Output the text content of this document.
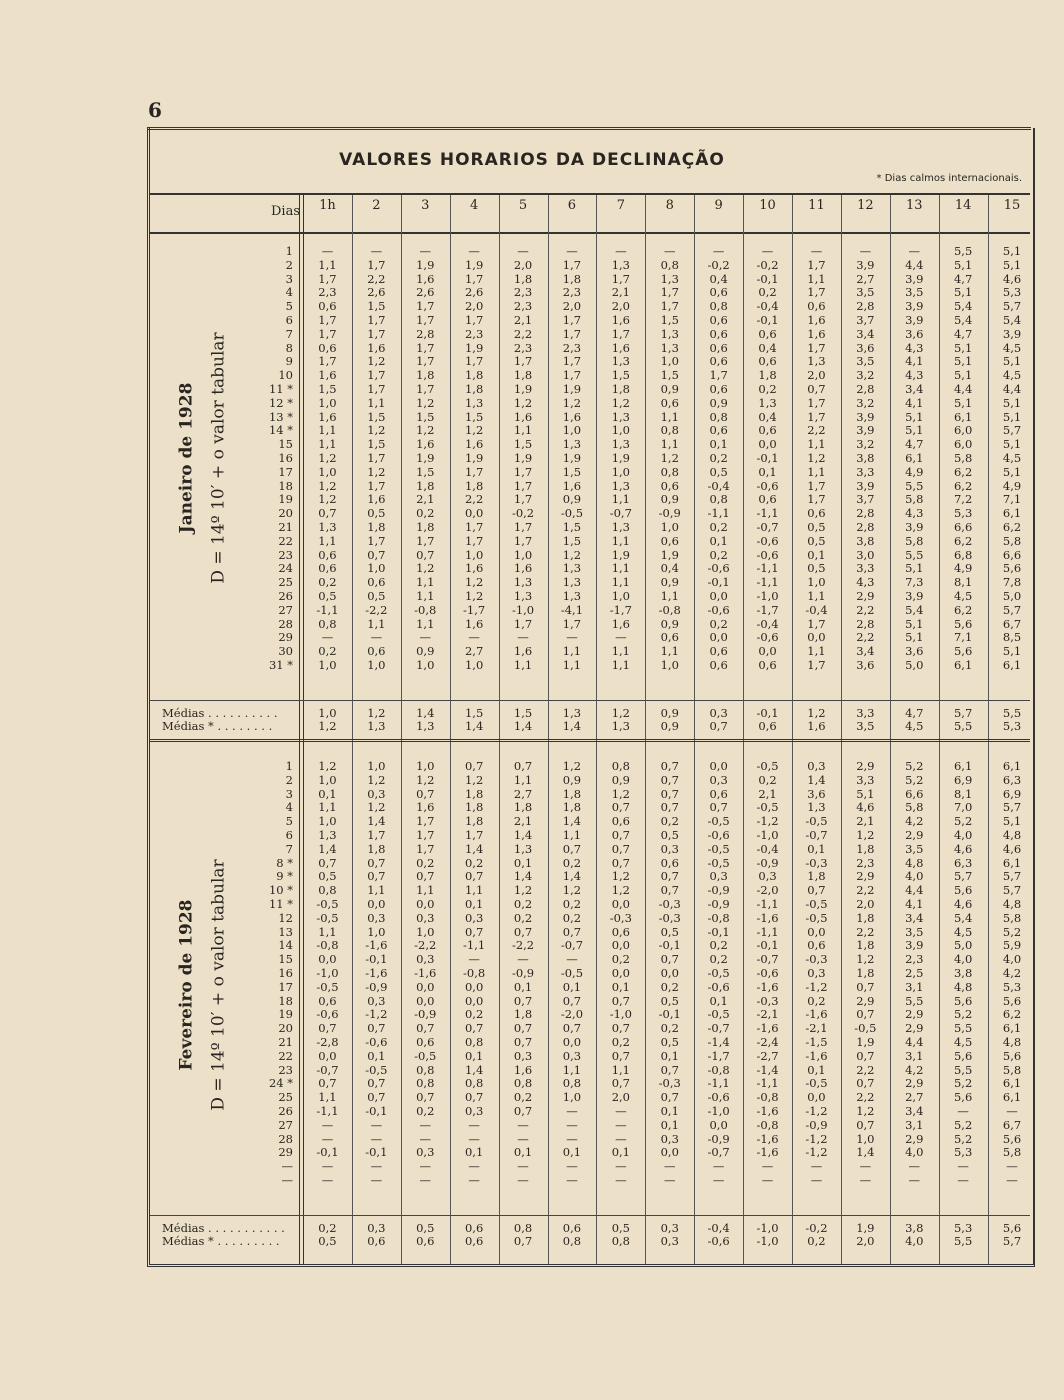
6
VALORES HORARIOS DA DECLINAÇÃO
* Dias calmos internacionais.
Dias	1h	2	3	4	5	6	7	8	9	10	11	12	13	14	15
1	—	—	—	—	—	—	—	—	—	—	—	—	—	5,5	5,1
2	1,1	1,7	1,9	1,9	2,0	1,7	1,3	0,8	-0,2	-0,2	1,7	3,9	4,4	5,1	5,1
3	1,7	2,2	1,6	1,7	1,8	1,8	1,7	1,3	0,4	-0,1	1,1	2,7	3,9	4,7	4,6
4	2,3	2,6	2,6	2,6	2,3	2,3	2,1	1,7	0,6	0,2	1,7	3,5	3,5	5,1	5,3
5	0,6	1,5	1,7	2,0	2,3	2,0	2,0	1,7	0,8	-0,4	0,6	2,8	3,9	5,4	5,7
6	1,7	1,7	1,7	1,7	2,1	1,7	1,6	1,5	0,6	-0,1	1,6	3,7	3,9	5,4	5,4
7	1,7	1,7	2,8	2,3	2,2	1,7	1,7	1,3	0,6	0,6	1,6	3,4	3,6	4,7	3,9
8	0,6	1,6	1,7	1,9	2,3	2,3	1,6	1,3	0,6	0,4	1,7	3,6	4,3	5,1	4,5
9	1,7	1,2	1,7	1,7	1,7	1,7	1,3	1,0	0,6	0,6	1,3	3,5	4,1	5,1	5,1
10	1,6	1,7	1,8	1,8	1,8	1,7	1,5	1,5	1,7	1,8	2,0	3,2	4,3	5,1	4,5
11 *	1,5	1,7	1,7	1,8	1,9	1,9	1,8	0,9	0,6	0,2	0,7	2,8	3,4	4,4	4,4
12 *	1,0	1,1	1,2	1,3	1,2	1,2	1,2	0,6	0,9	1,3	1,7	3,2	4,1	5,1	5,1
13 *	1,6	1,5	1,5	1,5	1,6	1,6	1,3	1,1	0,8	0,4	1,7	3,9	5,1	6,1	5,1
14 *	1,1	1,2	1,2	1,2	1,1	1,0	1,0	0,8	0,6	0,6	2,2	3,9	5,1	6,0	5,7
15	1,1	1,5	1,6	1,6	1,5	1,3	1,3	1,1	0,1	0,0	1,1	3,2	4,7	6,0	5,1
16	1,2	1,7	1,9	1,9	1,9	1,9	1,9	1,2	0,2	-0,1	1,2	3,8	6,1	5,8	4,5
17	1,0	1,2	1,5	1,7	1,7	1,5	1,0	0,8	0,5	0,1	1,1	3,3	4,9	6,2	5,1
18	1,2	1,7	1,8	1,8	1,7	1,6	1,3	0,6	-0,4	-0,6	1,7	3,9	5,5	6,2	4,9
19	1,2	1,6	2,1	2,2	1,7	0,9	1,1	0,9	0,8	0,6	1,7	3,7	5,8	7,2	7,1
20	0,7	0,5	0,2	0,0	-0,2	-0,5	-0,7	-0,9	-1,1	-1,1	0,6	2,8	4,3	5,3	6,1
21	1,3	1,8	1,8	1,7	1,7	1,5	1,3	1,0	0,2	-0,7	0,5	2,8	3,9	6,6	6,2
22	1,1	1,7	1,7	1,7	1,7	1,5	1,1	0,6	0,1	-0,6	0,5	3,8	5,8	6,2	5,8
23	0,6	0,7	0,7	1,0	1,0	1,2	1,9	1,9	0,2	-0,6	0,1	3,0	5,5	6,8	6,6
24	0,6	1,0	1,2	1,6	1,6	1,3	1,1	0,4	-0,6	-1,1	0,5	3,3	5,1	4,9	5,6
25	0,2	0,6	1,1	1,2	1,3	1,3	1,1	0,9	-0,1	-1,1	1,0	4,3	7,3	8,1	7,8
26	0,5	0,5	1,1	1,2	1,3	1,3	1,0	1,1	0,0	-1,0	1,1	2,9	3,9	4,5	5,0
27	-1,1	-2,2	-0,8	-1,7	-1,0	-4,1	-1,7	-0,8	-0,6	-1,7	-0,4	2,2	5,4	6,2	5,7
28	0,8	1,1	1,1	1,6	1,7	1,7	1,6	0,9	0,2	-0,4	1,7	2,8	5,1	5,6	6,7
29	—	—	—	—	—	—	—	0,6	0,0	-0,6	0,0	2,2	5,1	7,1	8,5
30	0,2	0,6	0,9	2,7	1,6	1,1	1,1	1,1	0,6	0,0	1,1	3,4	3,6	5,6	5,1
31 *	1,0	1,0	1,0	1,0	1,1	1,1	1,1	1,0	0,6	0,6	1,7	3,6	5,0	6,1	6,1
Médias . . . . . . . . . .	1,0	1,2	1,4	1,5	1,5	1,3	1,2	0,9	0,3	-0,1	1,2	3,3	4,7	5,7	5,5
Médias * . . . . . . . .	1,2	1,3	1,3	1,4	1,4	1,4	1,3	0,9	0,7	0,6	1,6	3,5	4,5	5,5	5,3
Janeiro de 1928 D = 14º 10′ + o valor tabular
1	1,2	1,0	1,0	0,7	0,7	1,2	0,8	0,7	0,0	-0,5	0,3	2,9	5,2	6,1	6,1
2	1,0	1,2	1,2	1,2	1,1	0,9	0,9	0,7	0,3	0,2	1,4	3,3	5,2	6,9	6,3
3	0,1	0,3	0,7	1,8	2,7	1,8	1,2	0,7	0,6	2,1	3,6	5,1	6,6	8,1	6,9
4	1,1	1,2	1,6	1,8	1,8	1,8	0,7	0,7	0,7	-0,5	1,3	4,6	5,8	7,0	5,7
5	1,0	1,4	1,7	1,8	2,1	1,4	0,6	0,2	-0,5	-1,2	-0,5	2,1	4,2	5,2	5,1
6	1,3	1,7	1,7	1,7	1,4	1,1	0,7	0,5	-0,6	-1,0	-0,7	1,2	2,9	4,0	4,8
7	1,4	1,8	1,7	1,4	1,3	0,7	0,7	0,3	-0,5	-0,4	0,1	1,8	3,5	4,6	4,6
8 *	0,7	0,7	0,2	0,2	0,1	0,2	0,7	0,6	-0,5	-0,9	-0,3	2,3	4,8	6,3	6,1
9 *	0,5	0,7	0,7	0,7	1,4	1,4	1,2	0,7	0,3	0,3	1,8	2,9	4,0	5,7	5,7
10 *	0,8	1,1	1,1	1,1	1,2	1,2	1,2	0,7	-0,9	-2,0	0,7	2,2	4,4	5,6	5,7
11 *	-0,5	0,0	0,0	0,1	0,2	0,2	0,0	-0,3	-0,9	-1,1	-0,5	2,0	4,1	4,6	4,8
12	-0,5	0,3	0,3	0,3	0,2	0,2	-0,3	-0,3	-0,8	-1,6	-0,5	1,8	3,4	5,4	5,8
13	1,1	1,0	1,0	0,7	0,7	0,7	0,6	0,5	-0,1	-1,1	0,0	2,2	3,5	4,5	5,2
14	-0,8	-1,6	-2,2	-1,1	-2,2	-0,7	0,0	-0,1	0,2	-0,1	0,6	1,8	3,9	5,0	5,9
15	0,0	-0,1	0,3	—	—	—	0,2	0,7	0,2	-0,7	-0,3	1,2	2,3	4,0	4,0
16	-1,0	-1,6	-1,6	-0,8	-0,9	-0,5	0,0	0,0	-0,5	-0,6	0,3	1,8	2,5	3,8	4,2
17	-0,5	-0,9	0,0	0,0	0,1	0,1	0,1	0,2	-0,6	-1,6	-1,2	0,7	3,1	4,8	5,3
18	0,6	0,3	0,0	0,0	0,7	0,7	0,7	0,5	0,1	-0,3	0,2	2,9	5,5	5,6	5,6
19	-0,6	-1,2	-0,9	0,2	1,8	-2,0	-1,0	-0,1	-0,5	-2,1	-1,6	0,7	2,9	5,2	6,2
20	0,7	0,7	0,7	0,7	0,7	0,7	0,7	0,2	-0,7	-1,6	-2,1	-0,5	2,9	5,5	6,1
21	-2,8	-0,6	0,6	0,8	0,7	0,0	0,2	0,5	-1,4	-2,4	-1,5	1,9	4,4	4,5	4,8
22	0,0	0,1	-0,5	0,1	0,3	0,3	0,7	0,1	-1,7	-2,7	-1,6	0,7	3,1	5,6	5,6
23	-0,7	-0,5	0,8	1,4	1,6	1,1	1,1	0,7	-0,8	-1,4	0,1	2,2	4,2	5,5	5,8
24 *	0,7	0,7	0,8	0,8	0,8	0,8	0,7	-0,3	-1,1	-1,1	-0,5	0,7	2,9	5,2	6,1
25	1,1	0,7	0,7	0,7	0,2	1,0	2,0	0,7	-0,6	-0,8	0,0	2,2	2,7	5,6	6,1
26	-1,1	-0,1	0,2	0,3	0,7	—	—	0,1	-1,0	-1,6	-1,2	1,2	3,4	—	—
27	—	—	—	—	—	—	—	0,1	0,0	-0,8	-0,9	0,7	3,1	5,2	6,7
28	—	—	—	—	—	—	—	0,3	-0,9	-1,6	-1,2	1,0	2,9	5,2	5,6
29	-0,1	-0,1	0,3	0,1	0,1	0,1	0,1	0,0	-0,7	-1,6	-1,2	1,4	4,0	5,3	5,8
—	—	—	—	—	—	—	—	—	—	—	—	—	—	—	—
—	—	—	—	—	—	—	—	—	—	—	—	—	—	—	—
Médias . . . . . . . . . . .	0,2	0,3	0,5	0,6	0,8	0,6	0,5	0,3	-0,4	-1,0	-0,2	1,9	3,8	5,3	5,6
Médias * . . . . . . . . .	0,5	0,6	0,6	0,6	0,7	0,8	0,8	0,3	-0,6	-1,0	0,2	2,0	4,0	5,5	5,7
Fevereiro de 1928 D = 14º 10′ + o valor tabular
